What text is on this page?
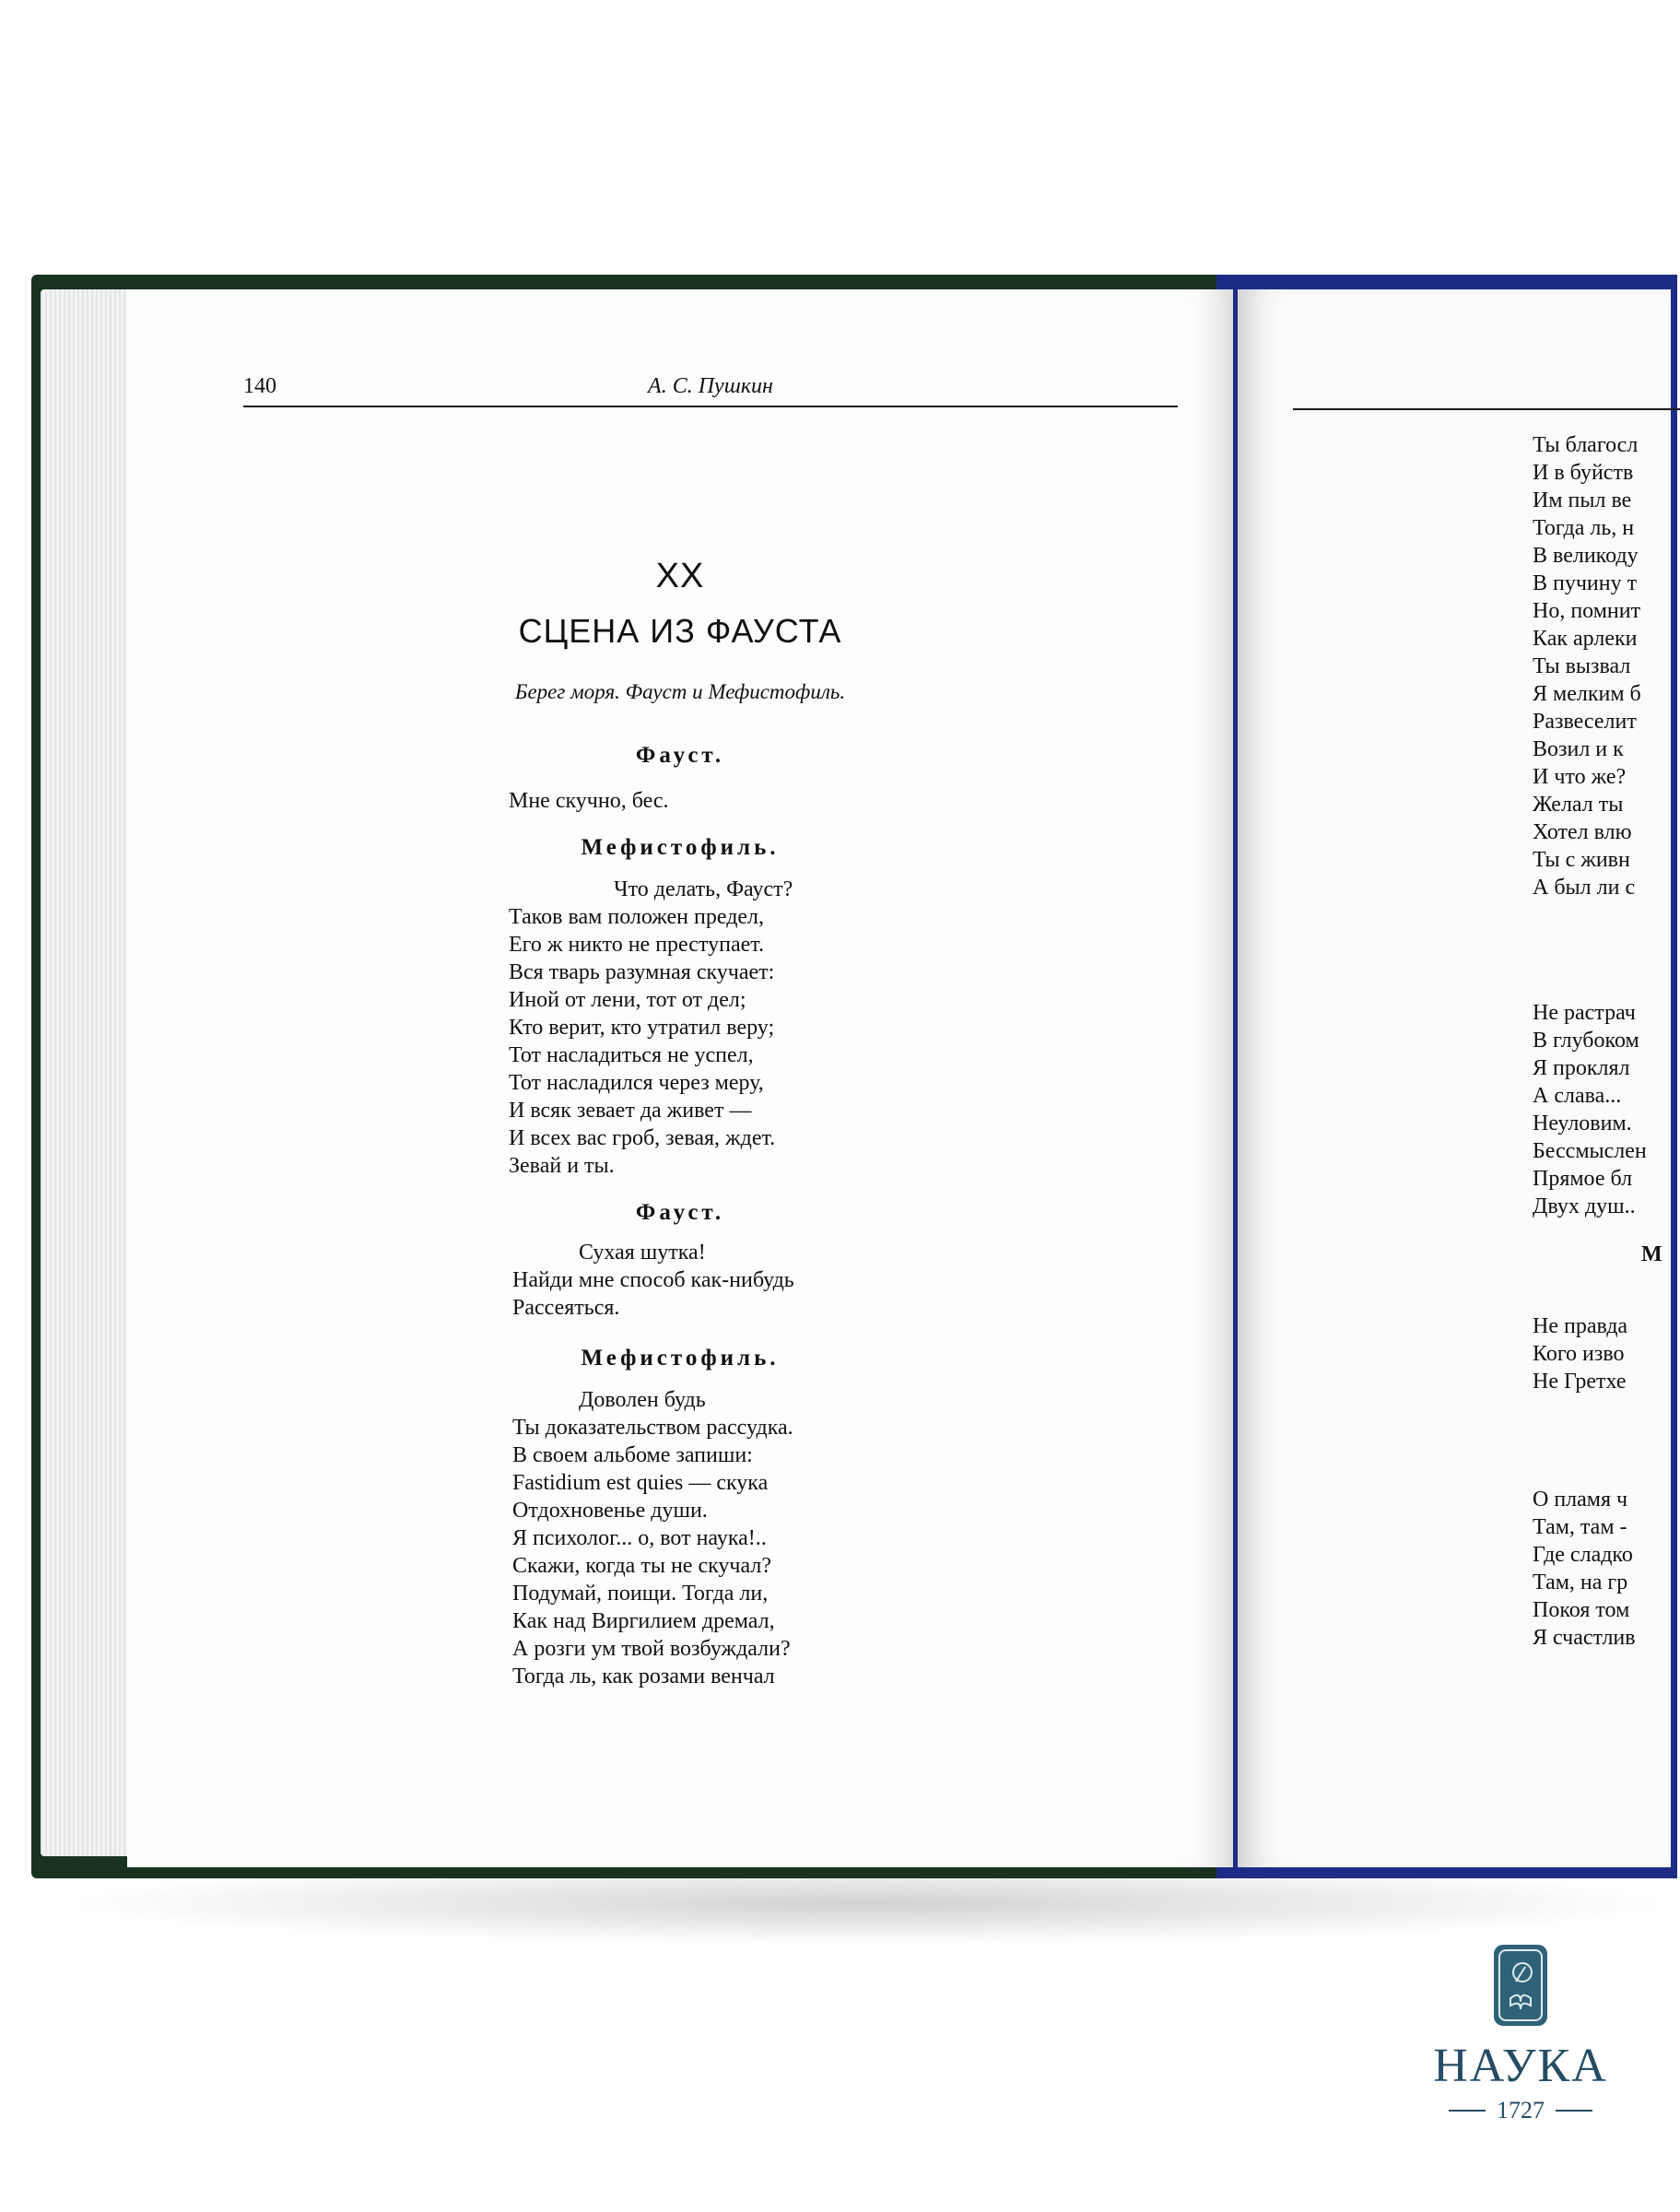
140	А. С. Пушкин
XX
СЦЕНА ИЗ ФАУСТА
Берег моря. Фауст и Мефистофиль.
Фауст.
Мне скучно, бес.
Мефистофиль.
Что делать, Фауст?
Таков вам положен предел,
Его ж никто не преступает.
Вся тварь разумная скучает:
Иной от лени, тот от дел;
Кто верит, кто утратил веру;
Тот насладиться не успел,
Тот насладился через меру,
И всяк зевает да живет —
И всех вас гроб, зевая, ждет.
Зевай и ты.
Фауст.
Сухая шутка!
Найди мне способ как-нибудь
Рассеяться.
Мефистофиль.
Доволен будь
Ты доказательством рассудка.
В своем альбоме запиши:
Fastidium est quies — скука
Отдохновенье души.
Я психолог... о, вот наука!..
Скажи, когда ты не скучал?
Подумай, поищи. Тогда ли,
Как над Виргилием дремал,
А розги ум твой возбуждали?
Тогда ль, как розами венчал
Ты благосл
И в буйств
Им пыл ве
Тогда ль, н
В великоду
В пучину т
Но, помнит
Как арлеки
Ты вызвал
Я мелким б
Развеселит
Возил и к
И что же?
Желал ты
Хотел влю
Ты с живн
А был ли с
Не растрач
В глубоком
Я проклял
А слава...
Неуловим.
Бессмыслен
Прямое бл
Двух душ..
М
Не правда
Кого изво
Не Гретхе
О пламя ч
Там, там -
Где сладко
Там, на гр
Покоя том
Я счастлив
НАУКА
1727
